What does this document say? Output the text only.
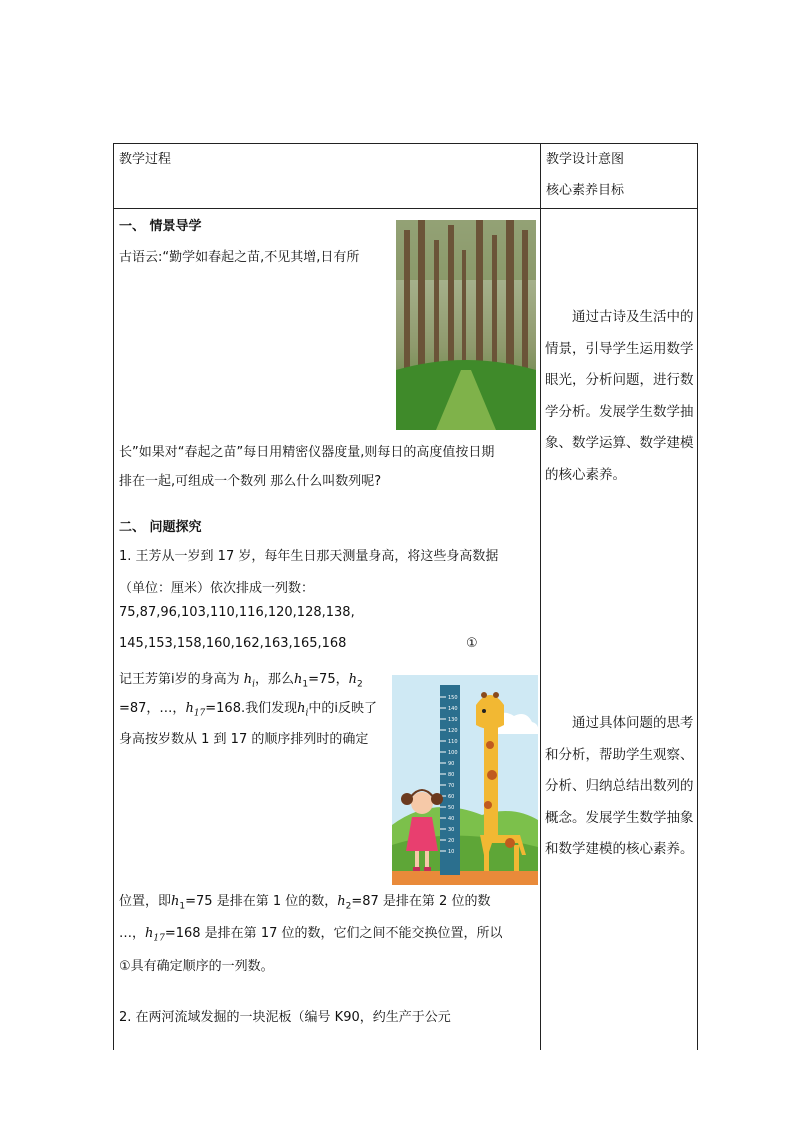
教学过程	教学设计意图
核心素养目标
一、 情景导学
古语云:“勤学如春起之苗,不见其增,日有所
长”如果对“春起之苗”每日用精密仪器度量,则每日的高度值按日期
排在一起,可组成一个数列 那么什么叫数列呢?
二、 问题探究
1. 王芳从一岁到 17 岁，每年生日那天测量身高，将这些身高数据
（单位：厘米）依次排成一列数：
75,87,96,103,110,116,120,128,138,
145,153,158,160,162,163,165,168	①
记王芳第i岁的身高为 $h_i$，那么$h_1=75$，$h_2$
=87，…，$h_{17}=168$.我们发现$h_i$中的i反映了
身高按岁数从 1 到 17 的顺序排列时的确定
150
140
130
120
110
100
90
80
70
60
50
40
30
20
10
位置，即$h_1=75$ 是排在第 1 位的数，$h_2=87$ 是排在第 2 位的数
…，$h_{17}=168$ 是排在第 17 位的数，它们之间不能交换位置，所以
①具有确定顺序的一列数。
2. 在两河流域发掘的一块泥板（编号 K90，约生产于公元
通过古诗及生活中的情景，引导学生运用数学眼光，分析问题，进行数学分析。发展学生数学抽象、数学运算、数学建模的核心素养。
通过具体问题的思考和分析，帮助学生观察、分析、归纳总结出数列的概念。发展学生数学抽象和数学建模的核心素养。
